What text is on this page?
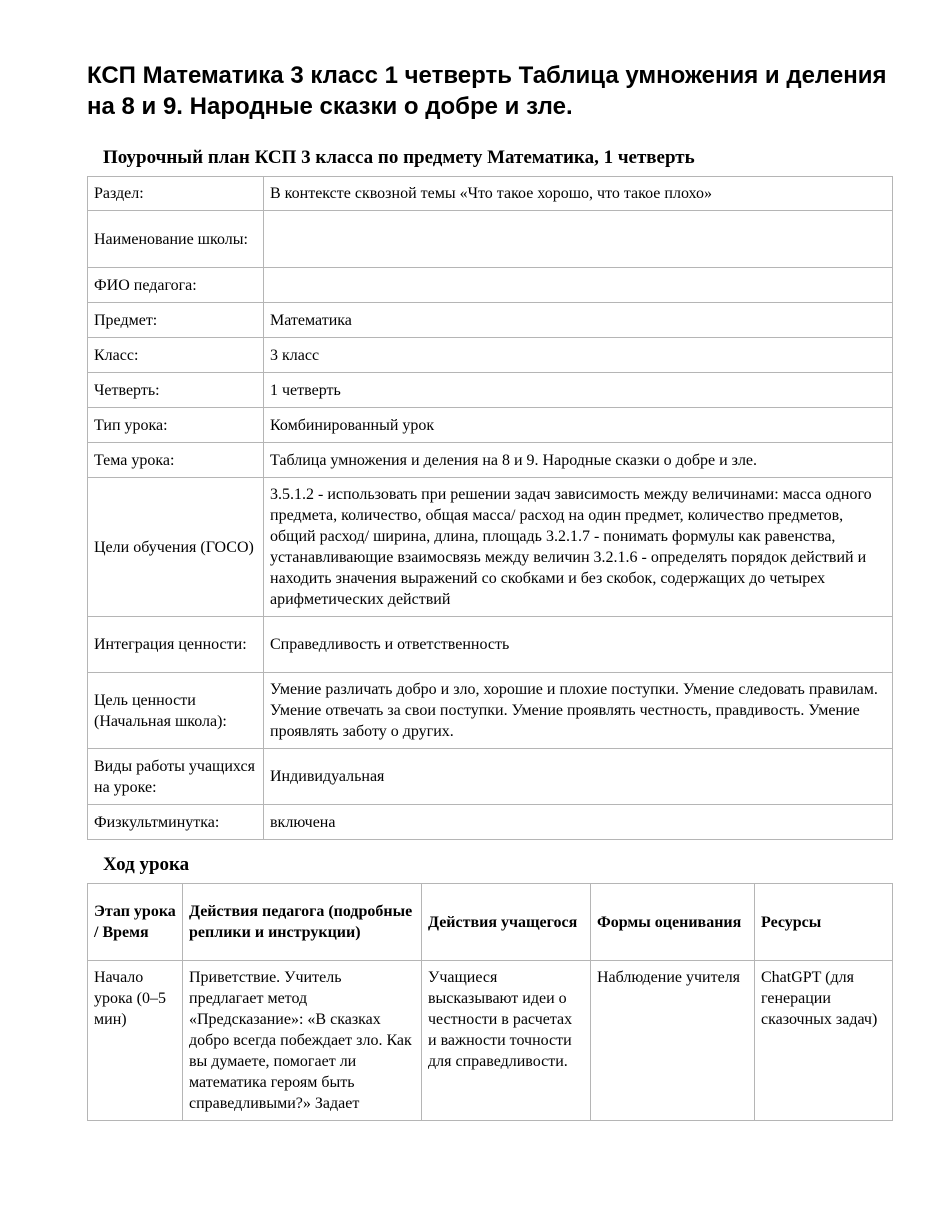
КСП Математика 3 класс 1 четверть Таблица умножения и деления на 8 и 9. Народные сказки о добре и зле.
Поурочный план КСП 3 класса по предмету Математика, 1 четверть
Раздел:	В контексте сквозной темы «Что такое хорошо, что такое плохо»
Наименование школы:	
ФИО педагога:	
Предмет:	Математика
Класс:	3 класс
Четверть:	1 четверть
Тип урока:	Комбинированный урок
Тема урока:	Таблица умножения и деления на 8 и 9. Народные сказки о добре и зле.
Цели обучения (ГОСО)	3.5.1.2 - использовать при решении задач зависимость между величинами: масса одного предмета, количество, общая масса/ расход на один предмет, количество предметов, общий расход/ ширина, длина, площадь 3.2.1.7 - понимать формулы как равенства, устанавливающие взаимосвязь между величин 3.2.1.6 - определять порядок действий и находить значения выражений со скобками и без скобок, содержащих до четырех арифметических действий
Интеграция ценности:	Справедливость и ответственность
Цель ценности (Начальная школа):	Умение различать добро и зло, хорошие и плохие поступки. Умение следовать правилам. Умение отвечать за свои поступки. Умение проявлять честность, правдивость. Умение проявлять заботу о других.
Виды работы учащихся на уроке:	Индивидуальная
Физкультминутка:	включена
Ход урока
Этап урока / Время	Действия педагога (подробные реплики и инструкции)	Действия учащегося	Формы оценивания	Ресурсы
Начало урока (0–5 мин)	Приветствие. Учитель предлагает метод «Предсказание»: «В сказках добро всегда побеждает зло. Как вы думаете, помогает ли математика героям быть справедливыми?» Задает	Учащиеся высказывают идеи о честности в расчетах и важности точности для справедливости.	Наблюдение учителя	ChatGPT (для генерации сказочных задач)
